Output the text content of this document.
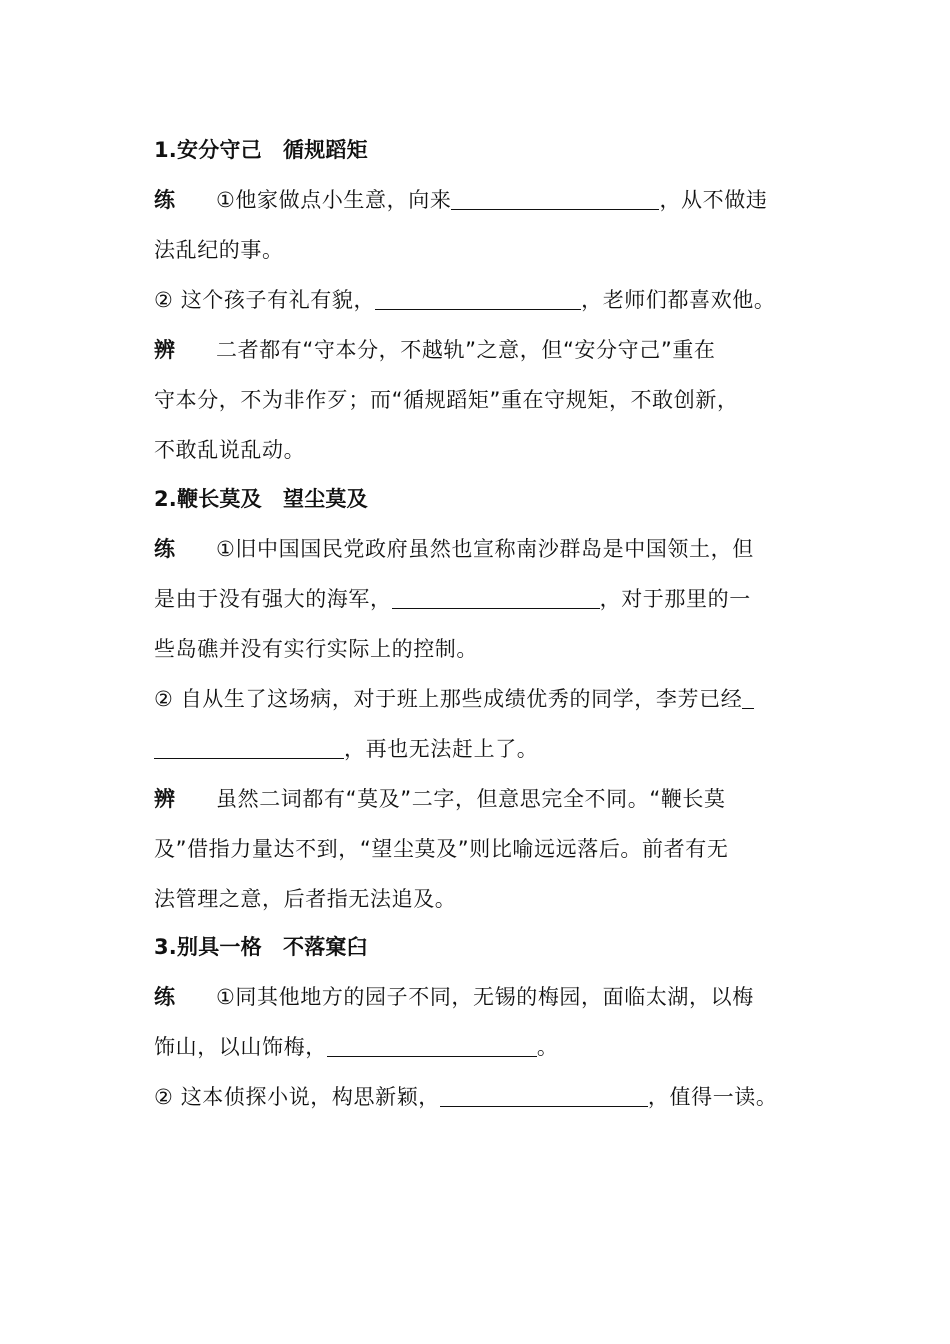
1.安分守己　循规蹈矩
练 ①他家做点小生意，向来	，从不做违
法乱纪的事。
② 这个孩子有礼有貌，	，老师们都喜欢他。
辨 二者都有“守本分，不越轨”之意，但“安分守己”重在
守本分，不为非作歹；而“循规蹈矩”重在守规矩，不敢创新，
不敢乱说乱动。
2.鞭长莫及　望尘莫及
练 ①旧中国国民党政府虽然也宣称南沙群岛是中国领土，但
是由于没有强大的海军，	，对于那里的一
些岛礁并没有实行实际上的控制。
② 自从生了这场病，对于班上那些成绩优秀的同学，李芳已经
，再也无法赶上了。
辨 虽然二词都有“莫及”二字，但意思完全不同。“鞭长莫
及”借指力量达不到，“望尘莫及”则比喻远远落后。前者有无
法管理之意，后者指无法追及。
3.别具一格　不落窠臼
练 ①同其他地方的园子不同，无锡的梅园，面临太湖，以梅
饰山，以山饰梅，	。
② 这本侦探小说，构思新颖，	，值得一读。
